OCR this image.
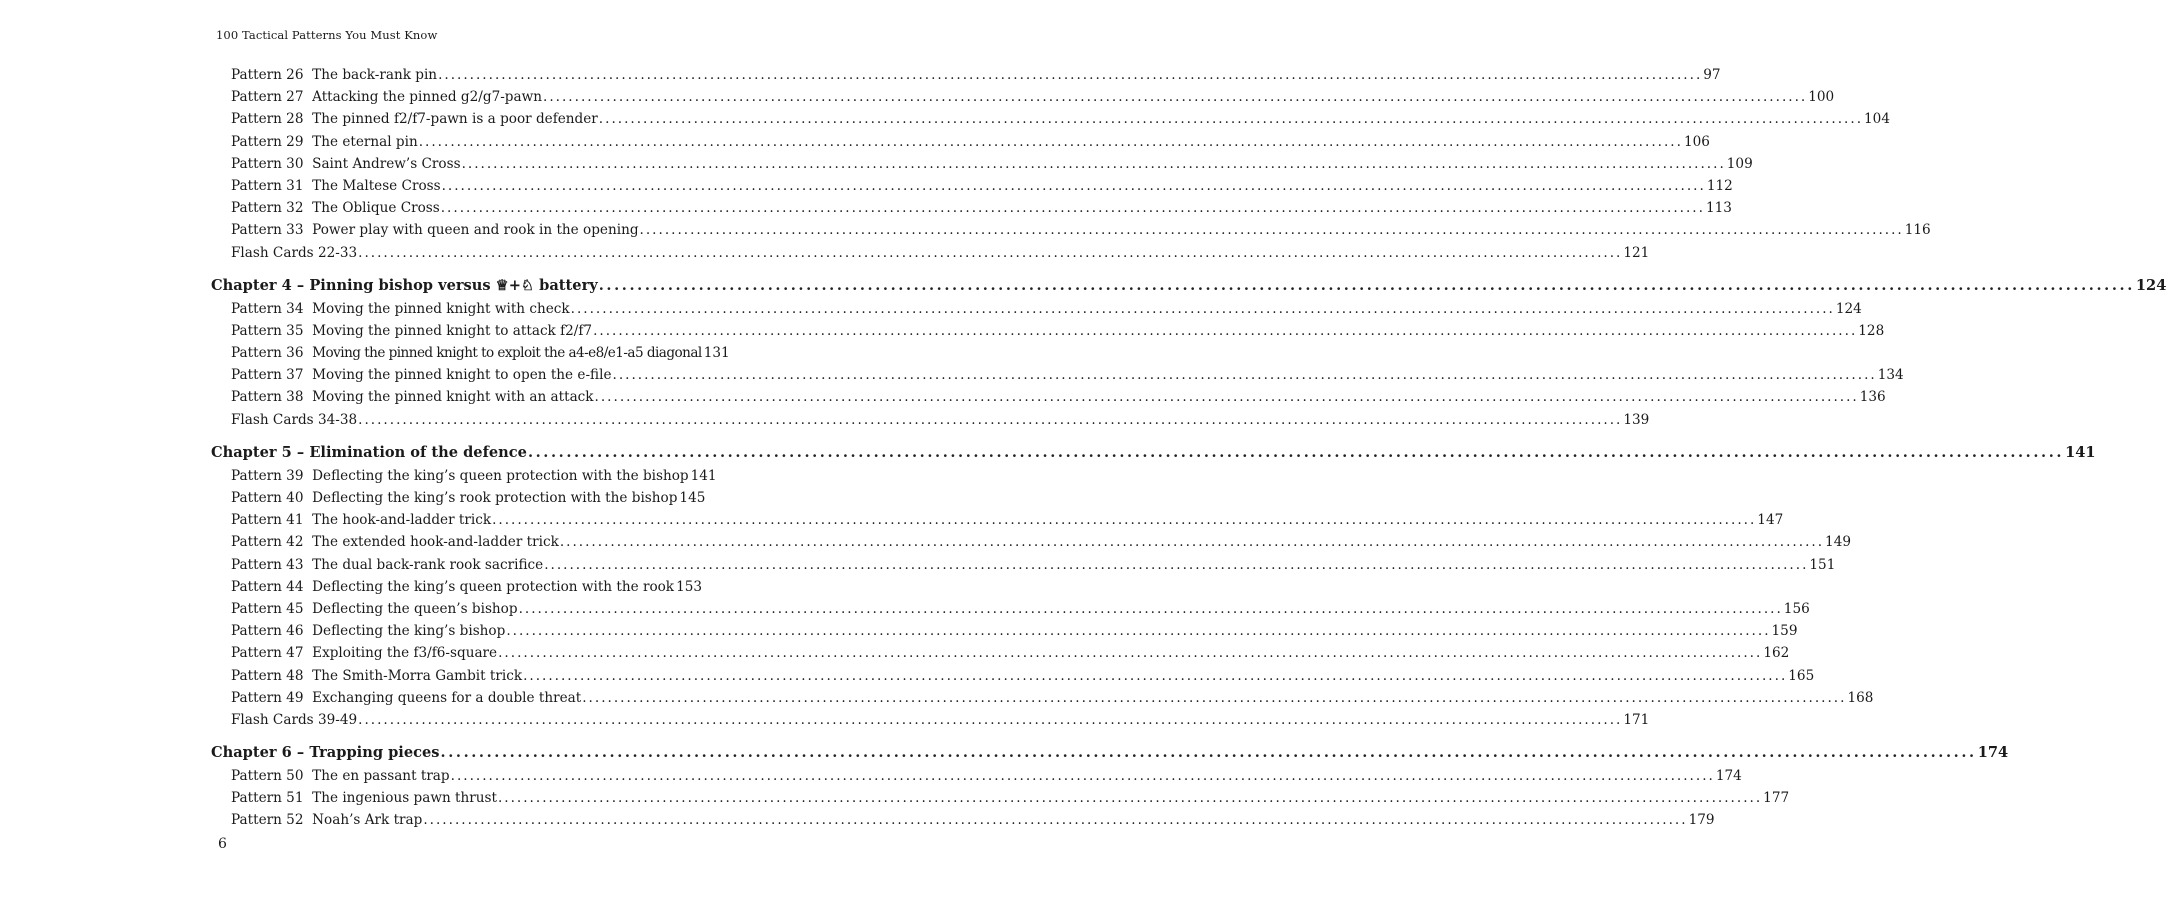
100 Tactical Patterns You Must Know
Pattern 26 The back-rank pin ........................................................................................................................................................................................................ 97
Pattern 27 Attacking the pinned g2/g7-pawn ........................................................................................................................................................................................................ 100
Pattern 28 The pinned f2/f7-pawn is a poor defender ........................................................................................................................................................................................................ 104
Pattern 29 The eternal pin ........................................................................................................................................................................................................ 106
Pattern 30 Saint Andrew’s Cross ........................................................................................................................................................................................................ 109
Pattern 31 The Maltese Cross ........................................................................................................................................................................................................ 112
Pattern 32 The Oblique Cross ........................................................................................................................................................................................................ 113
Pattern 33 Power play with queen and rook in the opening ........................................................................................................................................................................................................ 116
Flash Cards 22-33 ........................................................................................................................................................................................................ 121
Chapter 4 – Pinning bishop versus ♕+♘ battery ........................................................................................................................................................................................................ 124
Pattern 34 Moving the pinned knight with check ........................................................................................................................................................................................................ 124
Pattern 35 Moving the pinned knight to attack f2/f7 ........................................................................................................................................................................................................ 128
Pattern 36 Moving the pinned knight to exploit the a4-e8/e1-a5 diagonal 131
Pattern 37 Moving the pinned knight to open the e-file ........................................................................................................................................................................................................ 134
Pattern 38 Moving the pinned knight with an attack ........................................................................................................................................................................................................ 136
Flash Cards 34-38 ........................................................................................................................................................................................................ 139
Chapter 5 – Elimination of the defence ........................................................................................................................................................................................................ 141
Pattern 39 Deflecting the king’s queen protection with the bishop 141
Pattern 40 Deflecting the king’s rook protection with the bishop 145
Pattern 41 The hook-and-ladder trick ........................................................................................................................................................................................................ 147
Pattern 42 The extended hook-and-ladder trick ........................................................................................................................................................................................................ 149
Pattern 43 The dual back-rank rook sacrifice ........................................................................................................................................................................................................ 151
Pattern 44 Deflecting the king’s queen protection with the rook 153
Pattern 45 Deflecting the queen’s bishop ........................................................................................................................................................................................................ 156
Pattern 46 Deflecting the king’s bishop ........................................................................................................................................................................................................ 159
Pattern 47 Exploiting the f3/f6-square ........................................................................................................................................................................................................ 162
Pattern 48 The Smith-Morra Gambit trick ........................................................................................................................................................................................................ 165
Pattern 49 Exchanging queens for a double threat ........................................................................................................................................................................................................ 168
Flash Cards 39-49 ........................................................................................................................................................................................................ 171
Chapter 6 – Trapping pieces ........................................................................................................................................................................................................ 174
Pattern 50 The en passant trap ........................................................................................................................................................................................................ 174
Pattern 51 The ingenious pawn thrust ........................................................................................................................................................................................................ 177
Pattern 52 Noah’s Ark trap ........................................................................................................................................................................................................ 179
6
